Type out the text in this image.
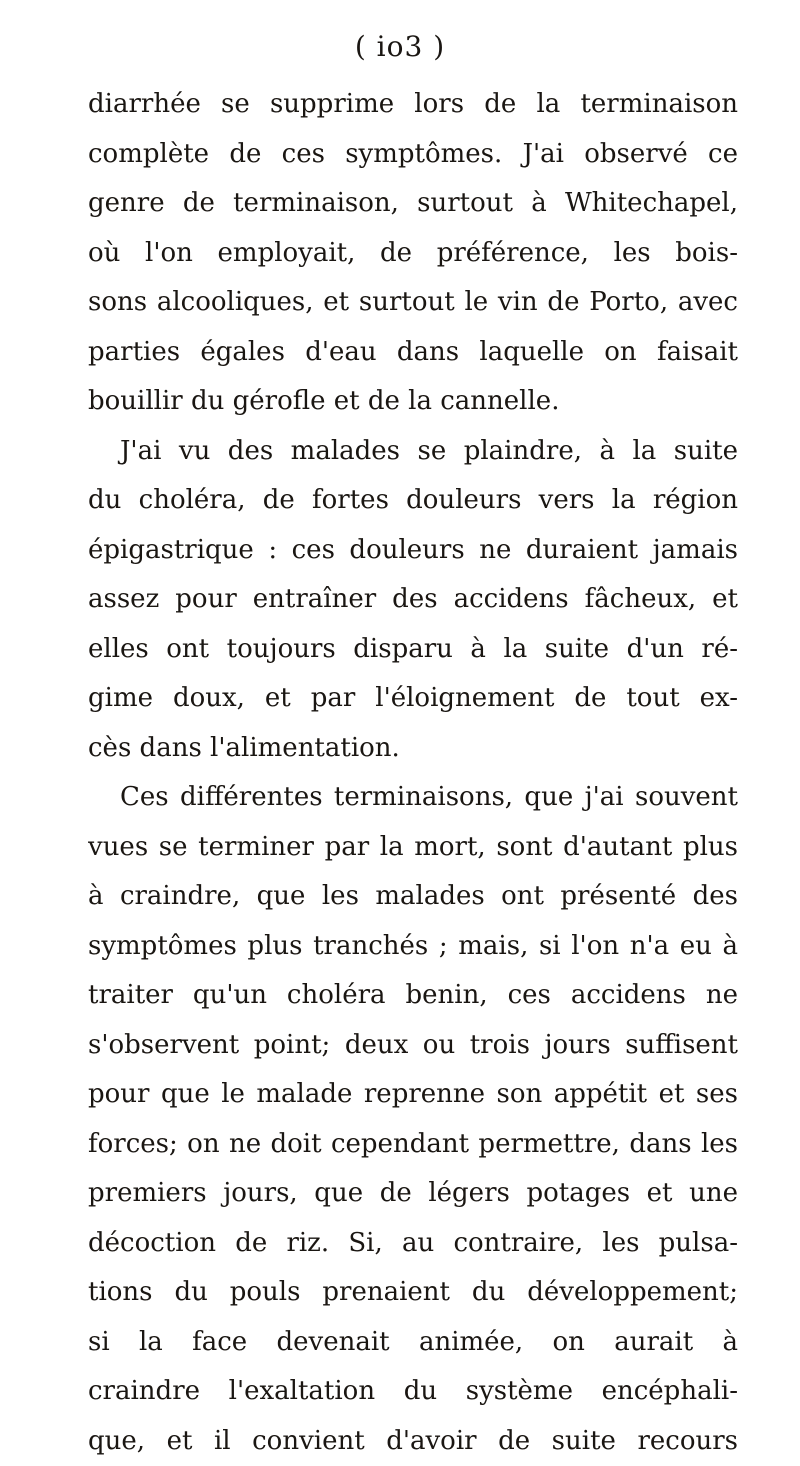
( io3 )
diarrhée se supprime lors de la terminaison
complète de ces symptômes. J'ai observé ce
genre de terminaison, surtout à Whitechapel,
où l'on employait, de préférence, les bois-
sons alcooliques, et surtout le vin de Porto, avec
parties égales d'eau dans laquelle on faisait
bouillir du gérofle et de la cannelle.
J'ai vu des malades se plaindre, à la suite
du choléra, de fortes douleurs vers la région
épigastrique : ces douleurs ne duraient jamais
assez pour entraîner des accidens fâcheux, et
elles ont toujours disparu à la suite d'un ré-
gime doux, et par l'éloignement de tout ex-
cès dans l'alimentation.
Ces différentes terminaisons, que j'ai souvent
vues se terminer par la mort, sont d'autant plus
à craindre, que les malades ont présenté des
symptômes plus tranchés ; mais, si l'on n'a eu à
traiter qu'un choléra benin, ces accidens ne
s'observent point; deux ou trois jours suffisent
pour que le malade reprenne son appétit et ses
forces; on ne doit cependant permettre, dans les
premiers jours, que de légers potages et une
décoction de riz. Si, au contraire, les pulsa-
tions du pouls prenaient du développement;
si la face devenait animée, on aurait à
craindre l'exaltation du système encéphali-
que, et il convient d'avoir de suite recours
